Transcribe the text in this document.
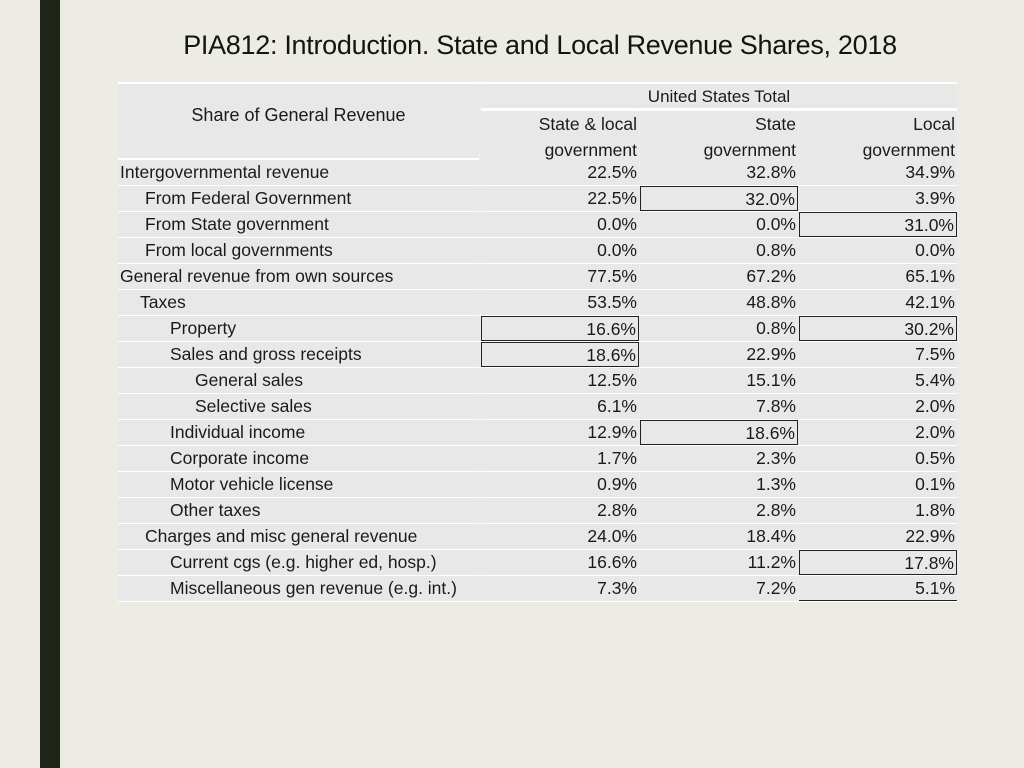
PIA812: Introduction. State and Local Revenue Shares, 2018
Share of General Revenue
United States Total
State & local
government
State
government
Local
government
Intergovernmental revenue	22.5%	32.8%	34.9%
From Federal Government	22.5%	32.0%	3.9%
From State government	0.0%	0.0%	31.0%
From local governments	0.0%	0.8%	0.0%
General revenue from own sources	77.5%	67.2%	65.1%
Taxes	53.5%	48.8%	42.1%
Property	16.6%	0.8%	30.2%
Sales and gross receipts	18.6%	22.9%	7.5%
General sales	12.5%	15.1%	5.4%
Selective sales	6.1%	7.8%	2.0%
Individual income	12.9%	18.6%	2.0%
Corporate income	1.7%	2.3%	0.5%
Motor vehicle license	0.9%	1.3%	0.1%
Other taxes	2.8%	2.8%	1.8%
Charges and misc general revenue	24.0%	18.4%	22.9%
Current cgs (e.g. higher ed, hosp.)	16.6%	11.2%	17.8%
Miscellaneous gen revenue (e.g. int.)	7.3%	7.2%	5.1%
